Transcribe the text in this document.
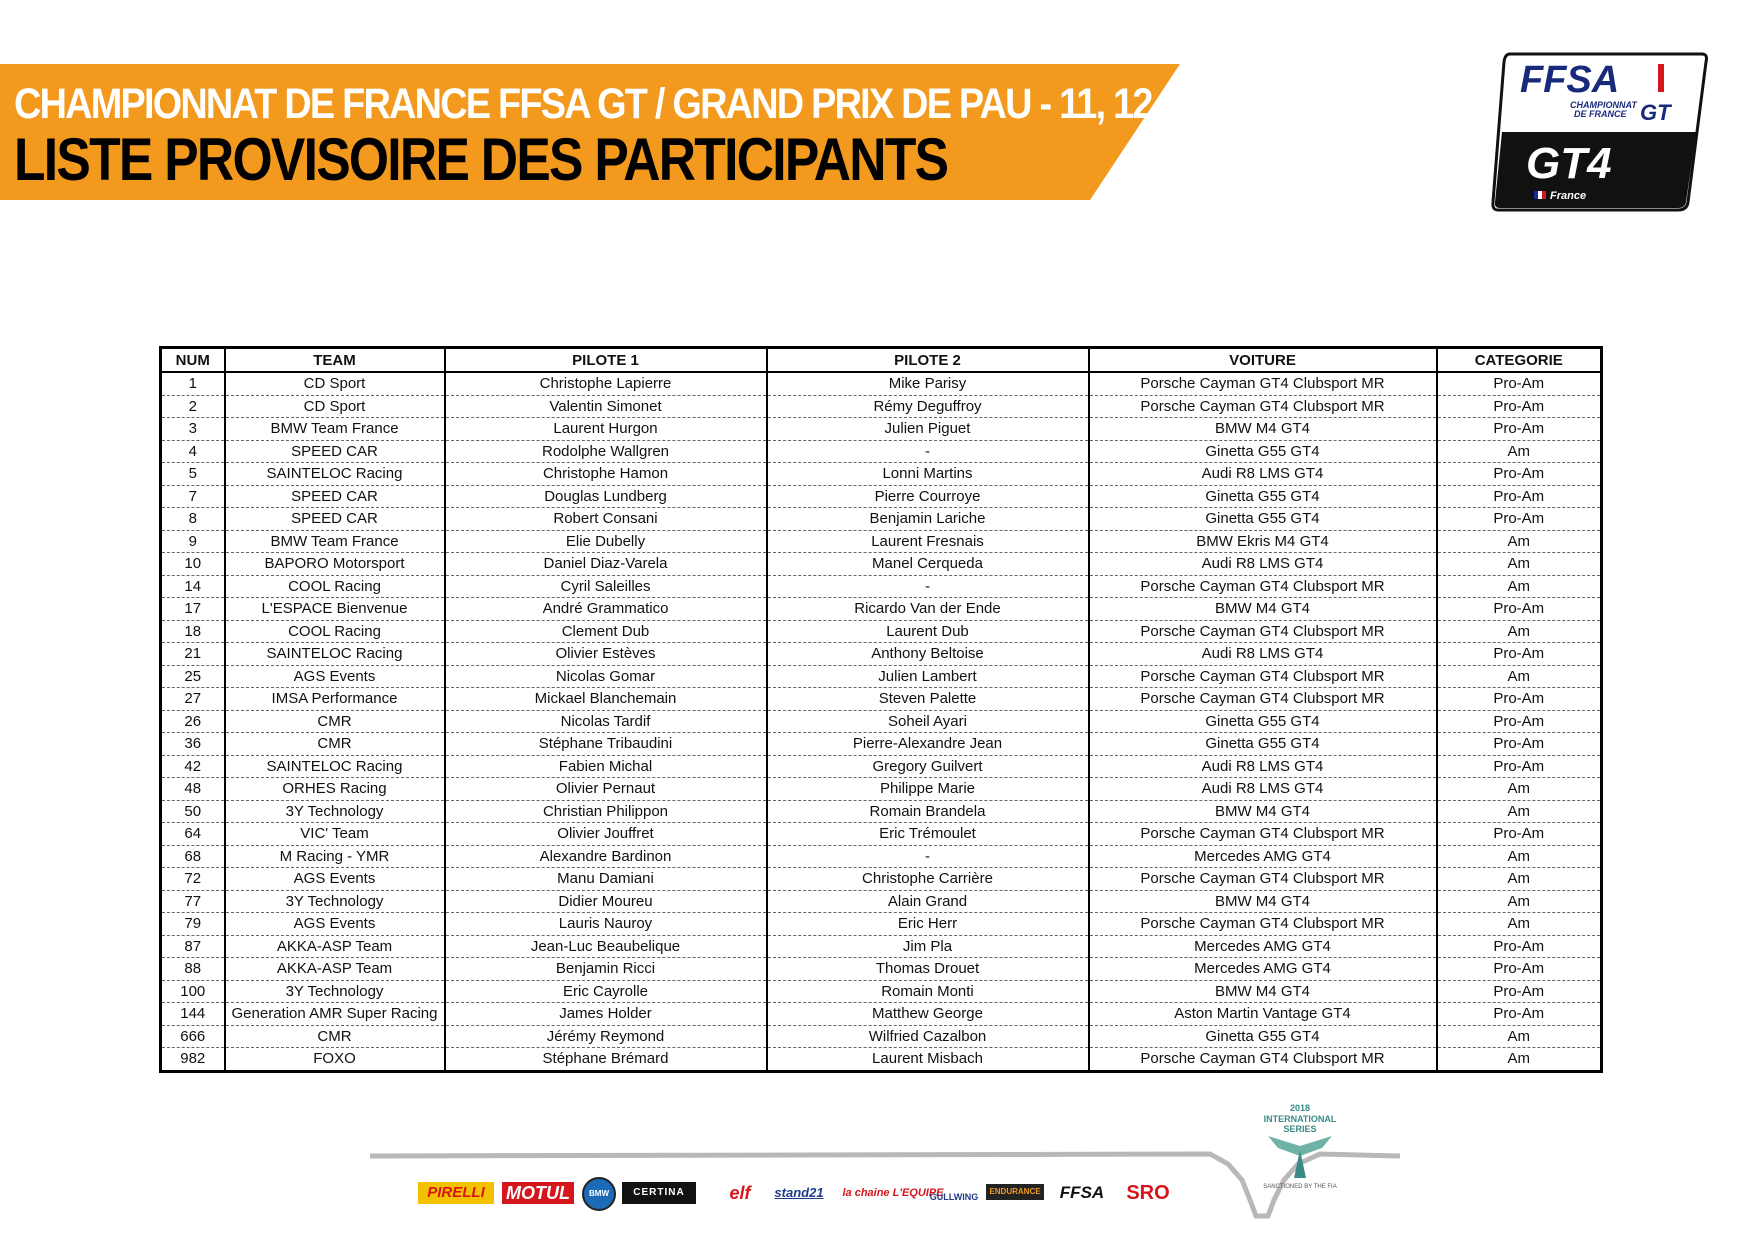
CHAMPIONNAT DE FRANCE FFSA GT / GRAND PRIX DE PAU - 11, 12, 13 MAI 2018
LISTE PROVISOIRE DES PARTICIPANTS
FFSA
CHAMPIONNAT
DE FRANCE GT
GT4
France
NUM	TEAM	PILOTE 1	PILOTE 2	VOITURE	CATEGORIE
1	CD Sport	Christophe Lapierre	Mike Parisy	Porsche Cayman GT4 Clubsport MR	Pro-Am
2	CD Sport	Valentin Simonet	Rémy Deguffroy	Porsche Cayman GT4 Clubsport MR	Pro-Am
3	BMW Team France	Laurent Hurgon	Julien Piguet	BMW M4 GT4	Pro-Am
4	SPEED CAR	Rodolphe Wallgren	-	Ginetta G55 GT4	Am
5	SAINTELOC Racing	Christophe Hamon	Lonni Martins	Audi R8 LMS GT4	Pro-Am
7	SPEED CAR	Douglas Lundberg	Pierre Courroye	Ginetta G55 GT4	Pro-Am
8	SPEED CAR	Robert Consani	Benjamin Lariche	Ginetta G55 GT4	Pro-Am
9	BMW Team France	Elie Dubelly	Laurent Fresnais	BMW Ekris M4 GT4	Am
10	BAPORO Motorsport	Daniel Diaz-Varela	Manel Cerqueda	Audi R8 LMS GT4	Am
14	COOL Racing	Cyril Saleilles	-	Porsche Cayman GT4 Clubsport MR	Am
17	L'ESPACE Bienvenue	André Grammatico	Ricardo Van der Ende	BMW M4 GT4	Pro-Am
18	COOL Racing	Clement Dub	Laurent Dub	Porsche Cayman GT4 Clubsport MR	Am
21	SAINTELOC Racing	Olivier Estèves	Anthony Beltoise	Audi R8 LMS GT4	Pro-Am
25	AGS Events	Nicolas Gomar	Julien Lambert	Porsche Cayman GT4 Clubsport MR	Am
27	IMSA Performance	Mickael Blanchemain	Steven Palette	Porsche Cayman GT4 Clubsport MR	Pro-Am
26	CMR	Nicolas Tardif	Soheil Ayari	Ginetta G55 GT4	Pro-Am
36	CMR	Stéphane Tribaudini	Pierre-Alexandre Jean	Ginetta G55 GT4	Pro-Am
42	SAINTELOC Racing	Fabien Michal	Gregory Guilvert	Audi R8 LMS GT4	Pro-Am
48	ORHES Racing	Olivier Pernaut	Philippe Marie	Audi R8 LMS GT4	Am
50	3Y Technology	Christian Philippon	Romain Brandela	BMW M4 GT4	Am
64	VIC' Team	Olivier Jouffret	Eric Trémoulet	Porsche Cayman GT4 Clubsport MR	Pro-Am
68	M Racing - YMR	Alexandre Bardinon	-	Mercedes AMG GT4	Am
72	AGS Events	Manu Damiani	Christophe Carrière	Porsche Cayman GT4 Clubsport MR	Am
77	3Y Technology	Didier Moureu	Alain Grand	BMW M4 GT4	Am
79	AGS Events	Lauris Nauroy	Eric Herr	Porsche Cayman GT4 Clubsport MR	Am
87	AKKA-ASP Team	Jean-Luc Beaubelique	Jim Pla	Mercedes AMG GT4	Pro-Am
88	AKKA-ASP Team	Benjamin Ricci	Thomas Drouet	Mercedes AMG GT4	Pro-Am
100	3Y Technology	Eric Cayrolle	Romain Monti	BMW M4 GT4	Pro-Am
144	Generation AMR Super Racing	James Holder	Matthew George	Aston Martin Vantage GT4	Pro-Am
666	CMR	Jérémy Reymond	Wilfried Cazalbon	Ginetta G55 GT4	Am
982	FOXO	Stéphane Brémard	Laurent Misbach	Porsche Cayman GT4 Clubsport MR	Am
2018
INTERNATIONAL
SERIES
SANCTIONED BY THE FIA
PIRELLI	MOTUL	BMW	CERTINA	elf	stand21	la chaine L'EQUIPE
GULLWING
ENDURANCE	FFSA	SRO
